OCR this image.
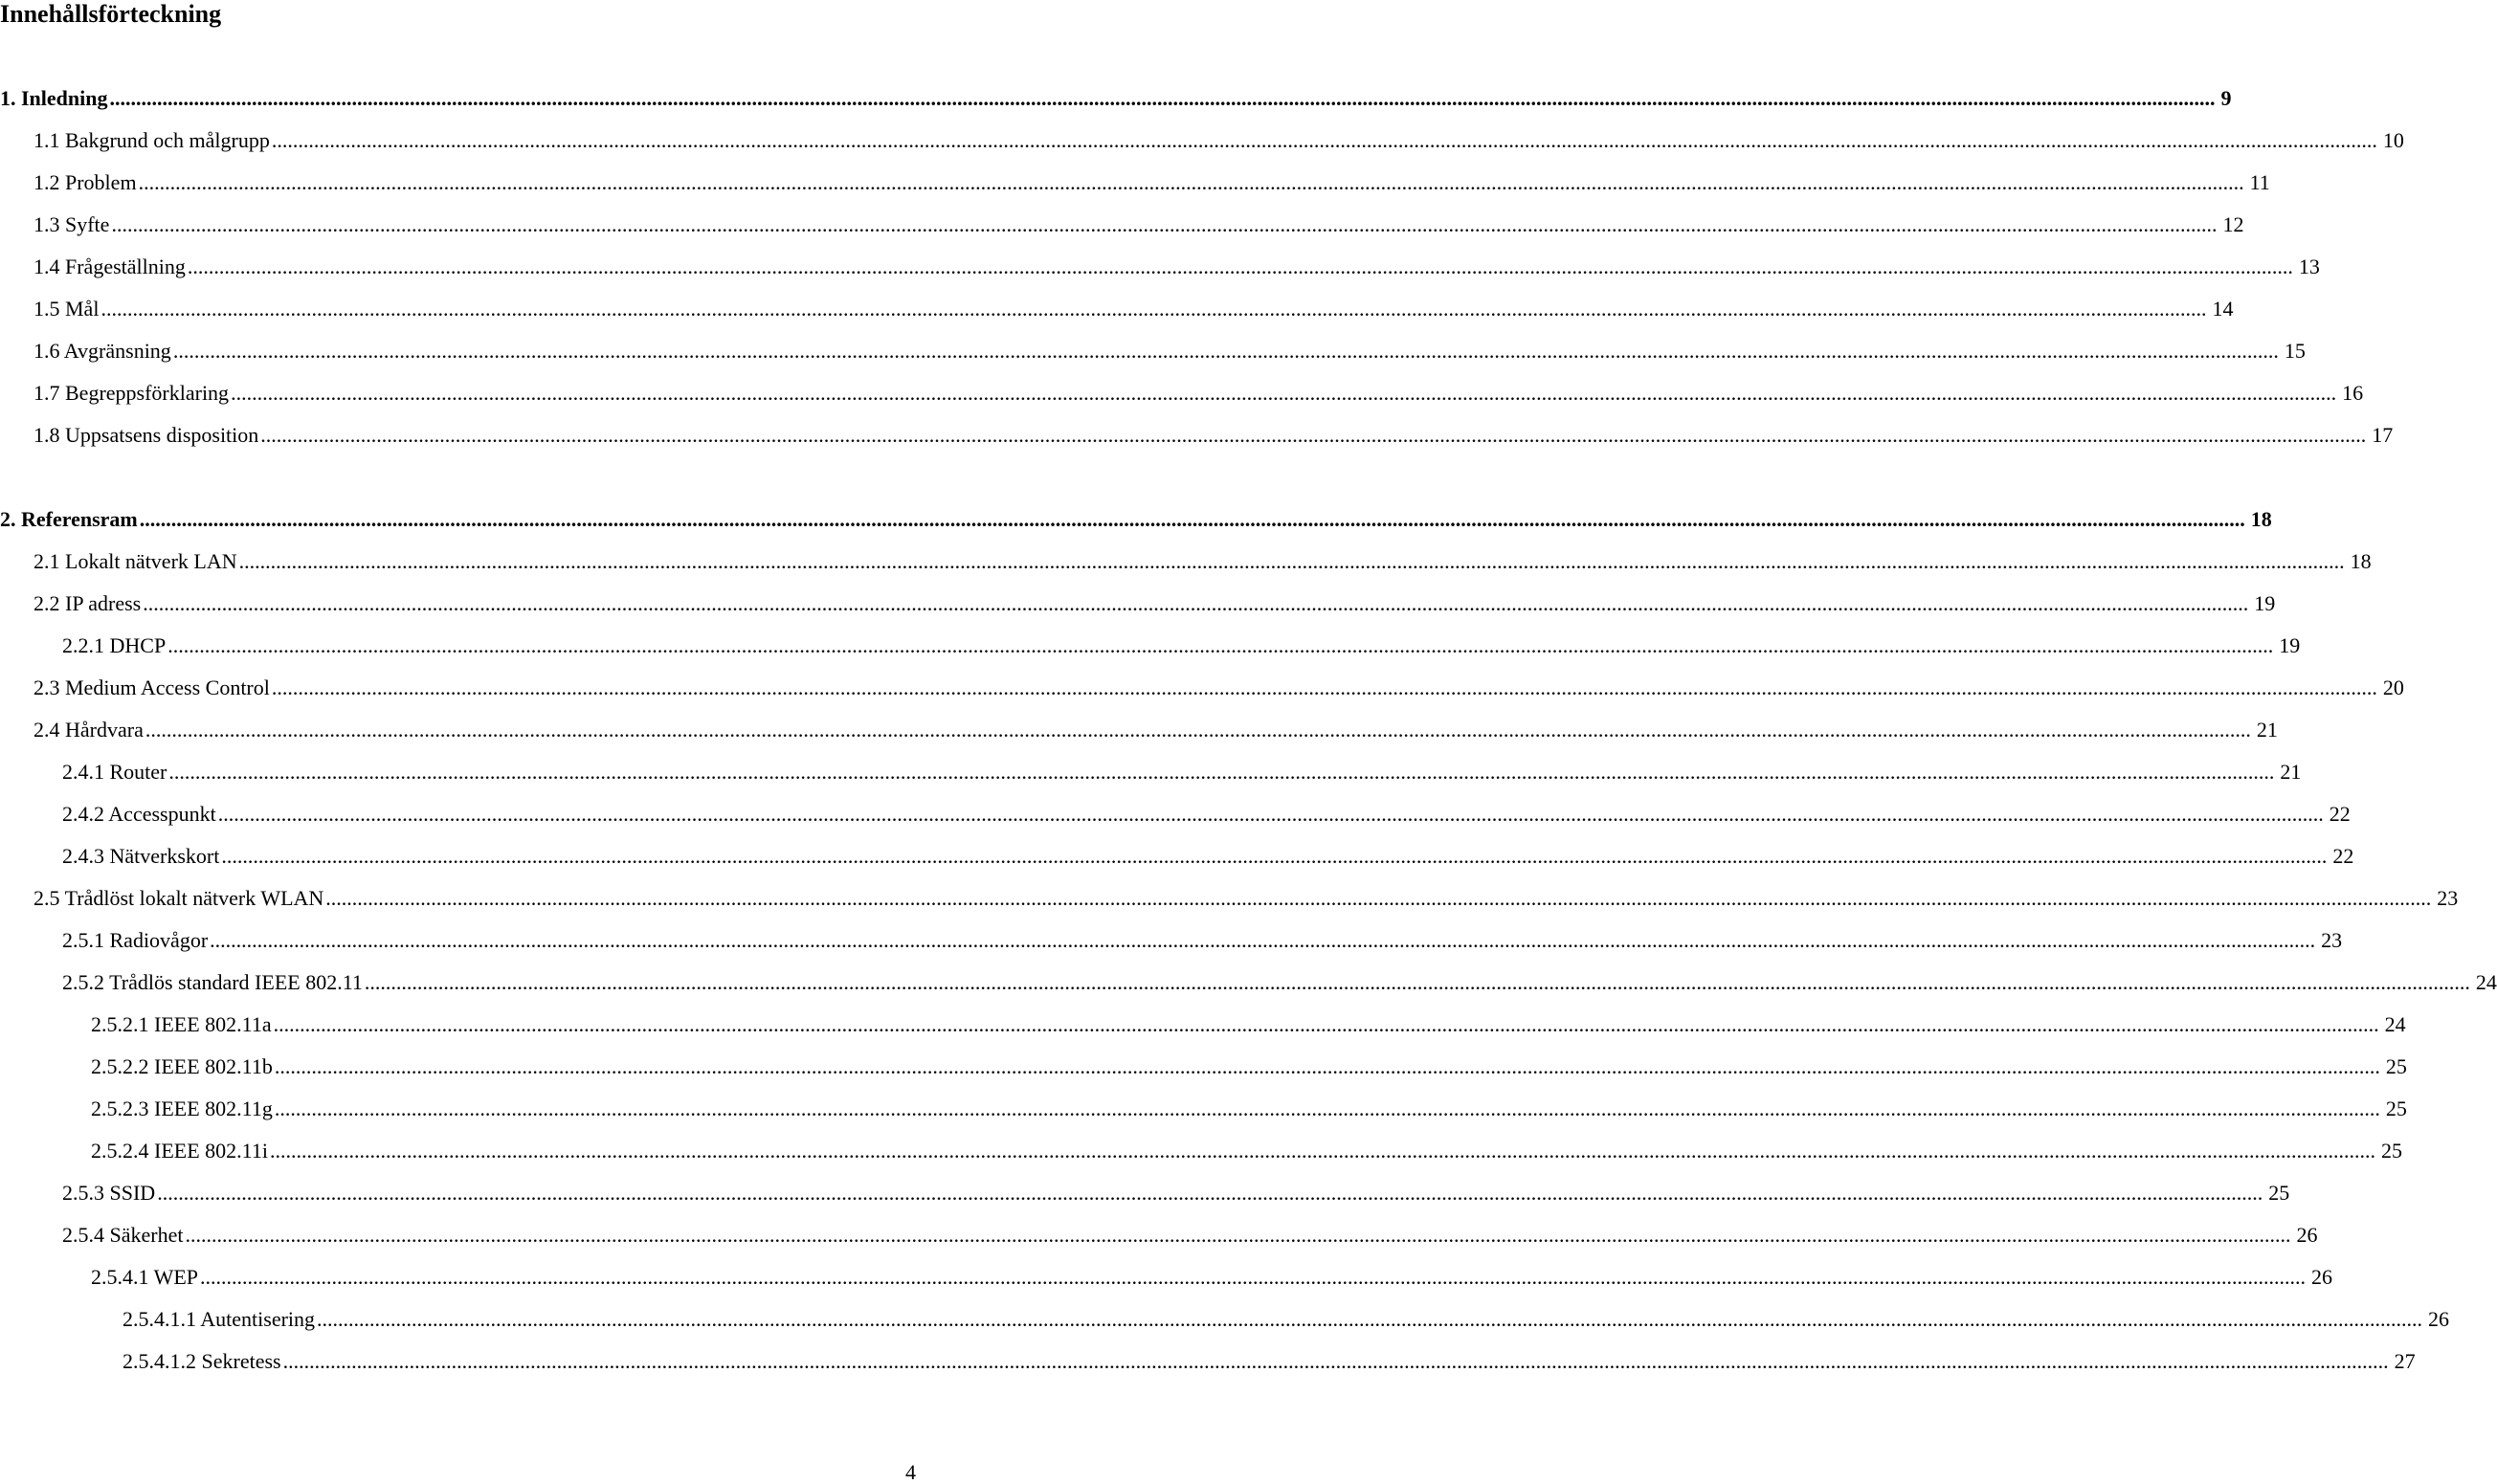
Innehållsförteckning
1. Inledning ................................................................................................................................................................................................................................................................................................................................................................................................................ 9
1.1 Bakgrund och målgrupp ................................................................................................................................................................................................................................................................................................................................................................................................................ 10
1.2 Problem ................................................................................................................................................................................................................................................................................................................................................................................................................ 11
1.3 Syfte ................................................................................................................................................................................................................................................................................................................................................................................................................ 12
1.4 Frågeställning ................................................................................................................................................................................................................................................................................................................................................................................................................ 13
1.5 Mål ................................................................................................................................................................................................................................................................................................................................................................................................................ 14
1.6 Avgränsning ................................................................................................................................................................................................................................................................................................................................................................................................................ 15
1.7 Begreppsförklaring ................................................................................................................................................................................................................................................................................................................................................................................................................ 16
1.8 Uppsatsens disposition ................................................................................................................................................................................................................................................................................................................................................................................................................ 17
2. Referensram ................................................................................................................................................................................................................................................................................................................................................................................................................ 18
2.1 Lokalt nätverk LAN ................................................................................................................................................................................................................................................................................................................................................................................................................ 18
2.2 IP adress ................................................................................................................................................................................................................................................................................................................................................................................................................ 19
2.2.1 DHCP ................................................................................................................................................................................................................................................................................................................................................................................................................ 19
2.3 Medium Access Control ................................................................................................................................................................................................................................................................................................................................................................................................................ 20
2.4 Hårdvara ................................................................................................................................................................................................................................................................................................................................................................................................................ 21
2.4.1 Router ................................................................................................................................................................................................................................................................................................................................................................................................................ 21
2.4.2 Accesspunkt ................................................................................................................................................................................................................................................................................................................................................................................................................ 22
2.4.3 Nätverkskort ................................................................................................................................................................................................................................................................................................................................................................................................................ 22
2.5 Trådlöst lokalt nätverk WLAN ................................................................................................................................................................................................................................................................................................................................................................................................................ 23
2.5.1 Radiovågor ................................................................................................................................................................................................................................................................................................................................................................................................................ 23
2.5.2 Trådlös standard IEEE 802.11 ................................................................................................................................................................................................................................................................................................................................................................................................................ 24
2.5.2.1 IEEE 802.11a ................................................................................................................................................................................................................................................................................................................................................................................................................ 24
2.5.2.2 IEEE 802.11b ................................................................................................................................................................................................................................................................................................................................................................................................................ 25
2.5.2.3 IEEE 802.11g ................................................................................................................................................................................................................................................................................................................................................................................................................ 25
2.5.2.4 IEEE 802.11i ................................................................................................................................................................................................................................................................................................................................................................................................................ 25
2.5.3 SSID ................................................................................................................................................................................................................................................................................................................................................................................................................ 25
2.5.4 Säkerhet ................................................................................................................................................................................................................................................................................................................................................................................................................ 26
2.5.4.1 WEP ................................................................................................................................................................................................................................................................................................................................................................................................................ 26
2.5.4.1.1 Autentisering ................................................................................................................................................................................................................................................................................................................................................................................................................ 26
2.5.4.1.2 Sekretess ................................................................................................................................................................................................................................................................................................................................................................................................................ 27
4
